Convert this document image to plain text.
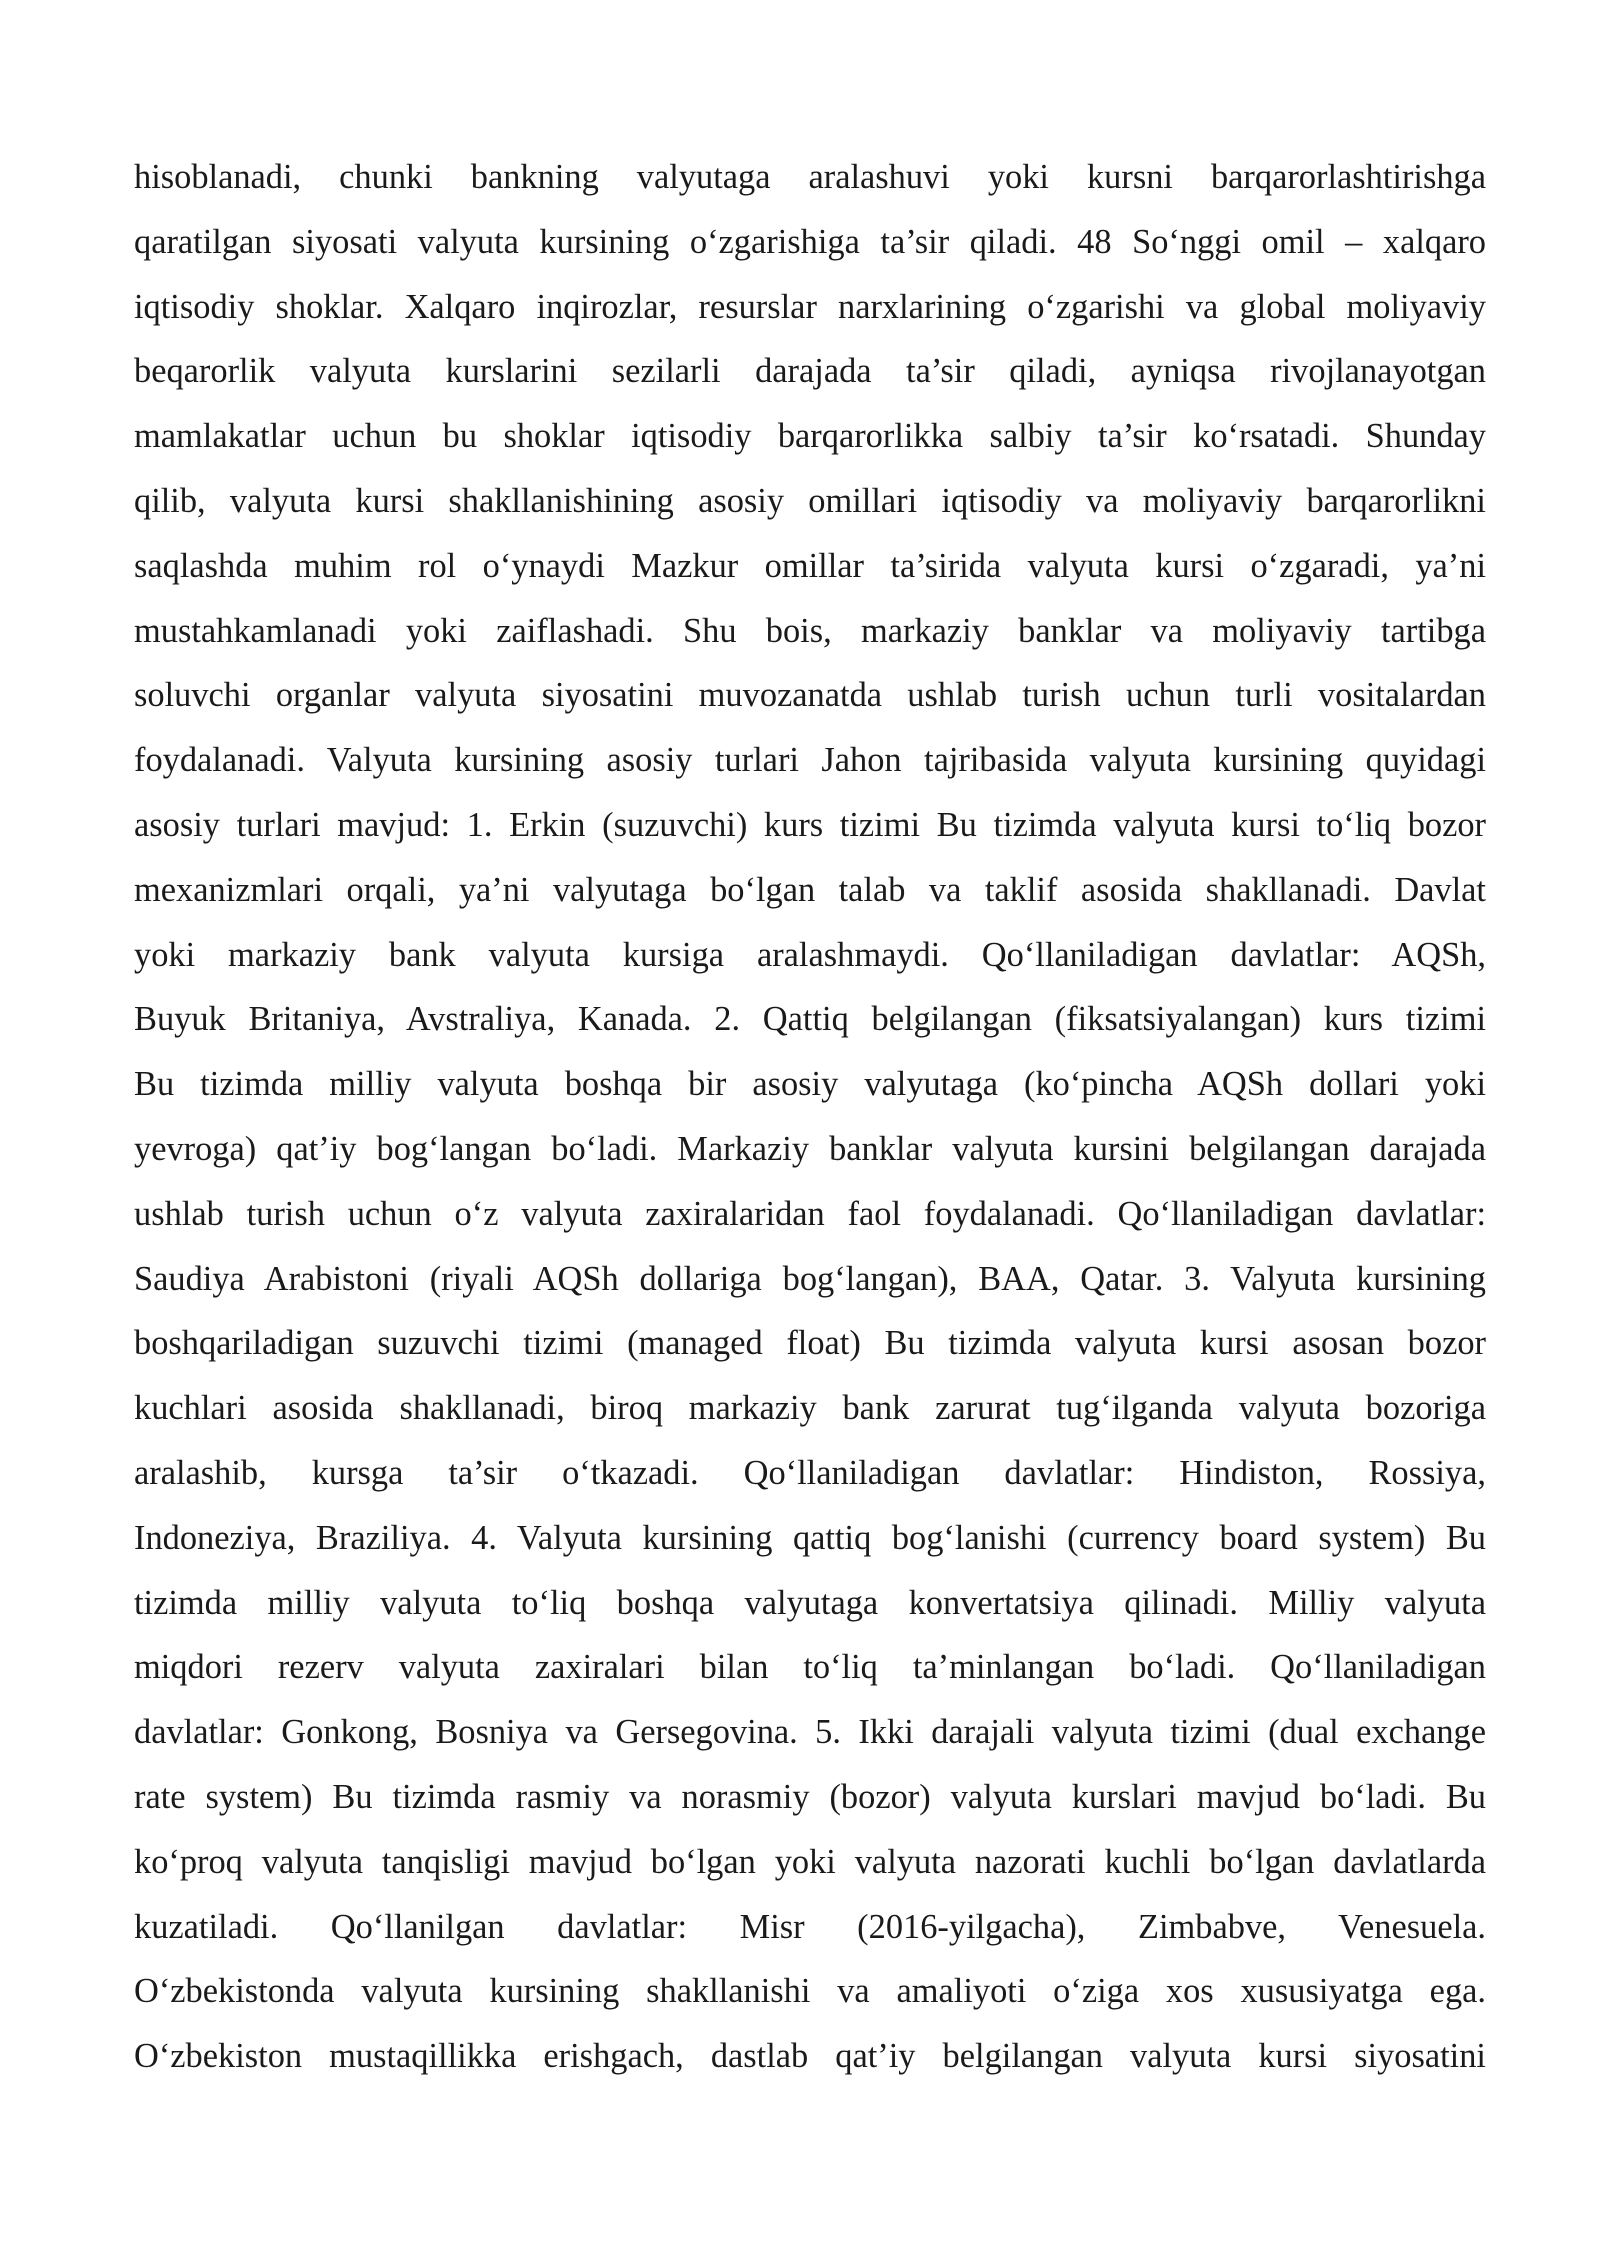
hisoblanadi, chunki bankning valyutaga aralashuvi yoki kursni barqarorlashtirishga
qaratilgan siyosati valyuta kursining o‘zgarishiga ta’sir qiladi. 48 So‘nggi omil – xalqaro
iqtisodiy shoklar. Xalqaro inqirozlar, resurslar narxlarining o‘zgarishi va global moliyaviy
beqarorlik valyuta kurslarini sezilarli darajada ta’sir qiladi, ayniqsa rivojlanayotgan
mamlakatlar uchun bu shoklar iqtisodiy barqarorlikka salbiy ta’sir ko‘rsatadi. Shunday
qilib, valyuta kursi shakllanishining asosiy omillari iqtisodiy va moliyaviy barqarorlikni
saqlashda muhim rol o‘ynaydi Mazkur omillar ta’sirida valyuta kursi o‘zgaradi, ya’ni
mustahkamlanadi yoki zaiflashadi. Shu bois, markaziy banklar va moliyaviy tartibga
soluvchi organlar valyuta siyosatini muvozanatda ushlab turish uchun turli vositalardan
foydalanadi. Valyuta kursining asosiy turlari Jahon tajribasida valyuta kursining quyidagi
asosiy turlari mavjud: 1. Erkin (suzuvchi) kurs tizimi Bu tizimda valyuta kursi to‘liq bozor
mexanizmlari orqali, ya’ni valyutaga bo‘lgan talab va taklif asosida shakllanadi. Davlat
yoki markaziy bank valyuta kursiga aralashmaydi. Qo‘llaniladigan davlatlar: AQSh,
Buyuk Britaniya, Avstraliya, Kanada. 2. Qattiq belgilangan (fiksatsiyalangan) kurs tizimi
Bu tizimda milliy valyuta boshqa bir asosiy valyutaga (ko‘pincha AQSh dollari yoki
yevroga) qat’iy bog‘langan bo‘ladi. Markaziy banklar valyuta kursini belgilangan darajada
ushlab turish uchun o‘z valyuta zaxiralaridan faol foydalanadi. Qo‘llaniladigan davlatlar:
Saudiya Arabistoni (riyali AQSh dollariga bog‘langan), BAA, Qatar. 3. Valyuta kursining
boshqariladigan suzuvchi tizimi (managed float) Bu tizimda valyuta kursi asosan bozor
kuchlari asosida shakllanadi, biroq markaziy bank zarurat tug‘ilganda valyuta bozoriga
aralashib, kursga ta’sir o‘tkazadi. Qo‘llaniladigan davlatlar: Hindiston, Rossiya,
Indoneziya, Braziliya. 4. Valyuta kursining qattiq bog‘lanishi (currency board system) Bu
tizimda milliy valyuta to‘liq boshqa valyutaga konvertatsiya qilinadi. Milliy valyuta
miqdori rezerv valyuta zaxiralari bilan to‘liq ta’minlangan bo‘ladi. Qo‘llaniladigan
davlatlar: Gonkong, Bosniya va Gersegovina. 5. Ikki darajali valyuta tizimi (dual exchange
rate system) Bu tizimda rasmiy va norasmiy (bozor) valyuta kurslari mavjud bo‘ladi. Bu
ko‘proq valyuta tanqisligi mavjud bo‘lgan yoki valyuta nazorati kuchli bo‘lgan davlatlarda
kuzatiladi. Qo‘llanilgan davlatlar: Misr (2016-yilgacha), Zimbabve, Venesuela.
O‘zbekistonda valyuta kursining shakllanishi va amaliyoti o‘ziga xos xususiyatga ega.
O‘zbekiston mustaqillikka erishgach, dastlab qat’iy belgilangan valyuta kursi siyosatini
